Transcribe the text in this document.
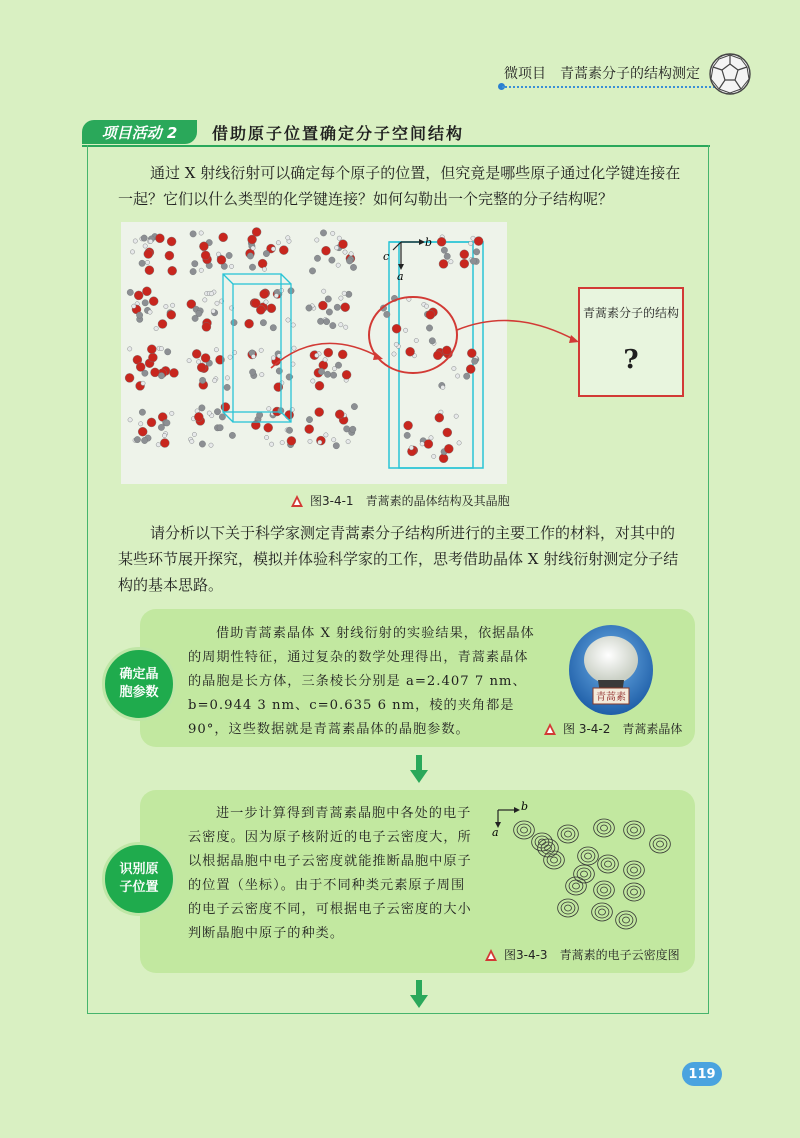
微项目　青蒿素分子的结构测定
项目活动 2	借助原子位置确定分子空间结构
通过 X 射线衍射可以确定每个原子的位置，但究竟是哪些原子通过化学键连接在一起？它们以什么类型的化学键连接？如何勾勒出一个完整的分子结构呢？
b
c
a
青蒿素分子的结构
?
图3-4-1　青蒿素的晶体结构及其晶胞
请分析以下关于科学家测定青蒿素分子结构所进行的主要工作的材料，对其中的某些环节展开探究，模拟并体验科学家的工作，思考借助晶体 X 射线衍射测定分子结构的基本思路。
确定晶胞参数
借助青蒿素晶体 X 射线衍射的实验结果，依据晶体的周期性特征，通过复杂的数学处理得出，青蒿素晶体的晶胞是长方体，三条棱长分别是 a=2.407 7 nm、b=0.944 3 nm、c=0.635 6 nm，棱的夹角都是 90°，这些数据就是青蒿素晶体的晶胞参数。
青蒿素
图 3-4-2　青蒿素晶体
识别原子位置
进一步计算得到青蒿素晶胞中各处的电子云密度。因为原子核附近的电子云密度大，所以根据晶胞中电子云密度就能推断晶胞中原子的位置（坐标）。由于不同种类元素原子周围的电子云密度不同，可根据电子云密度的大小判断晶胞中原子的种类。
b
a
图3-4-3　青蒿素的电子云密度图
119
